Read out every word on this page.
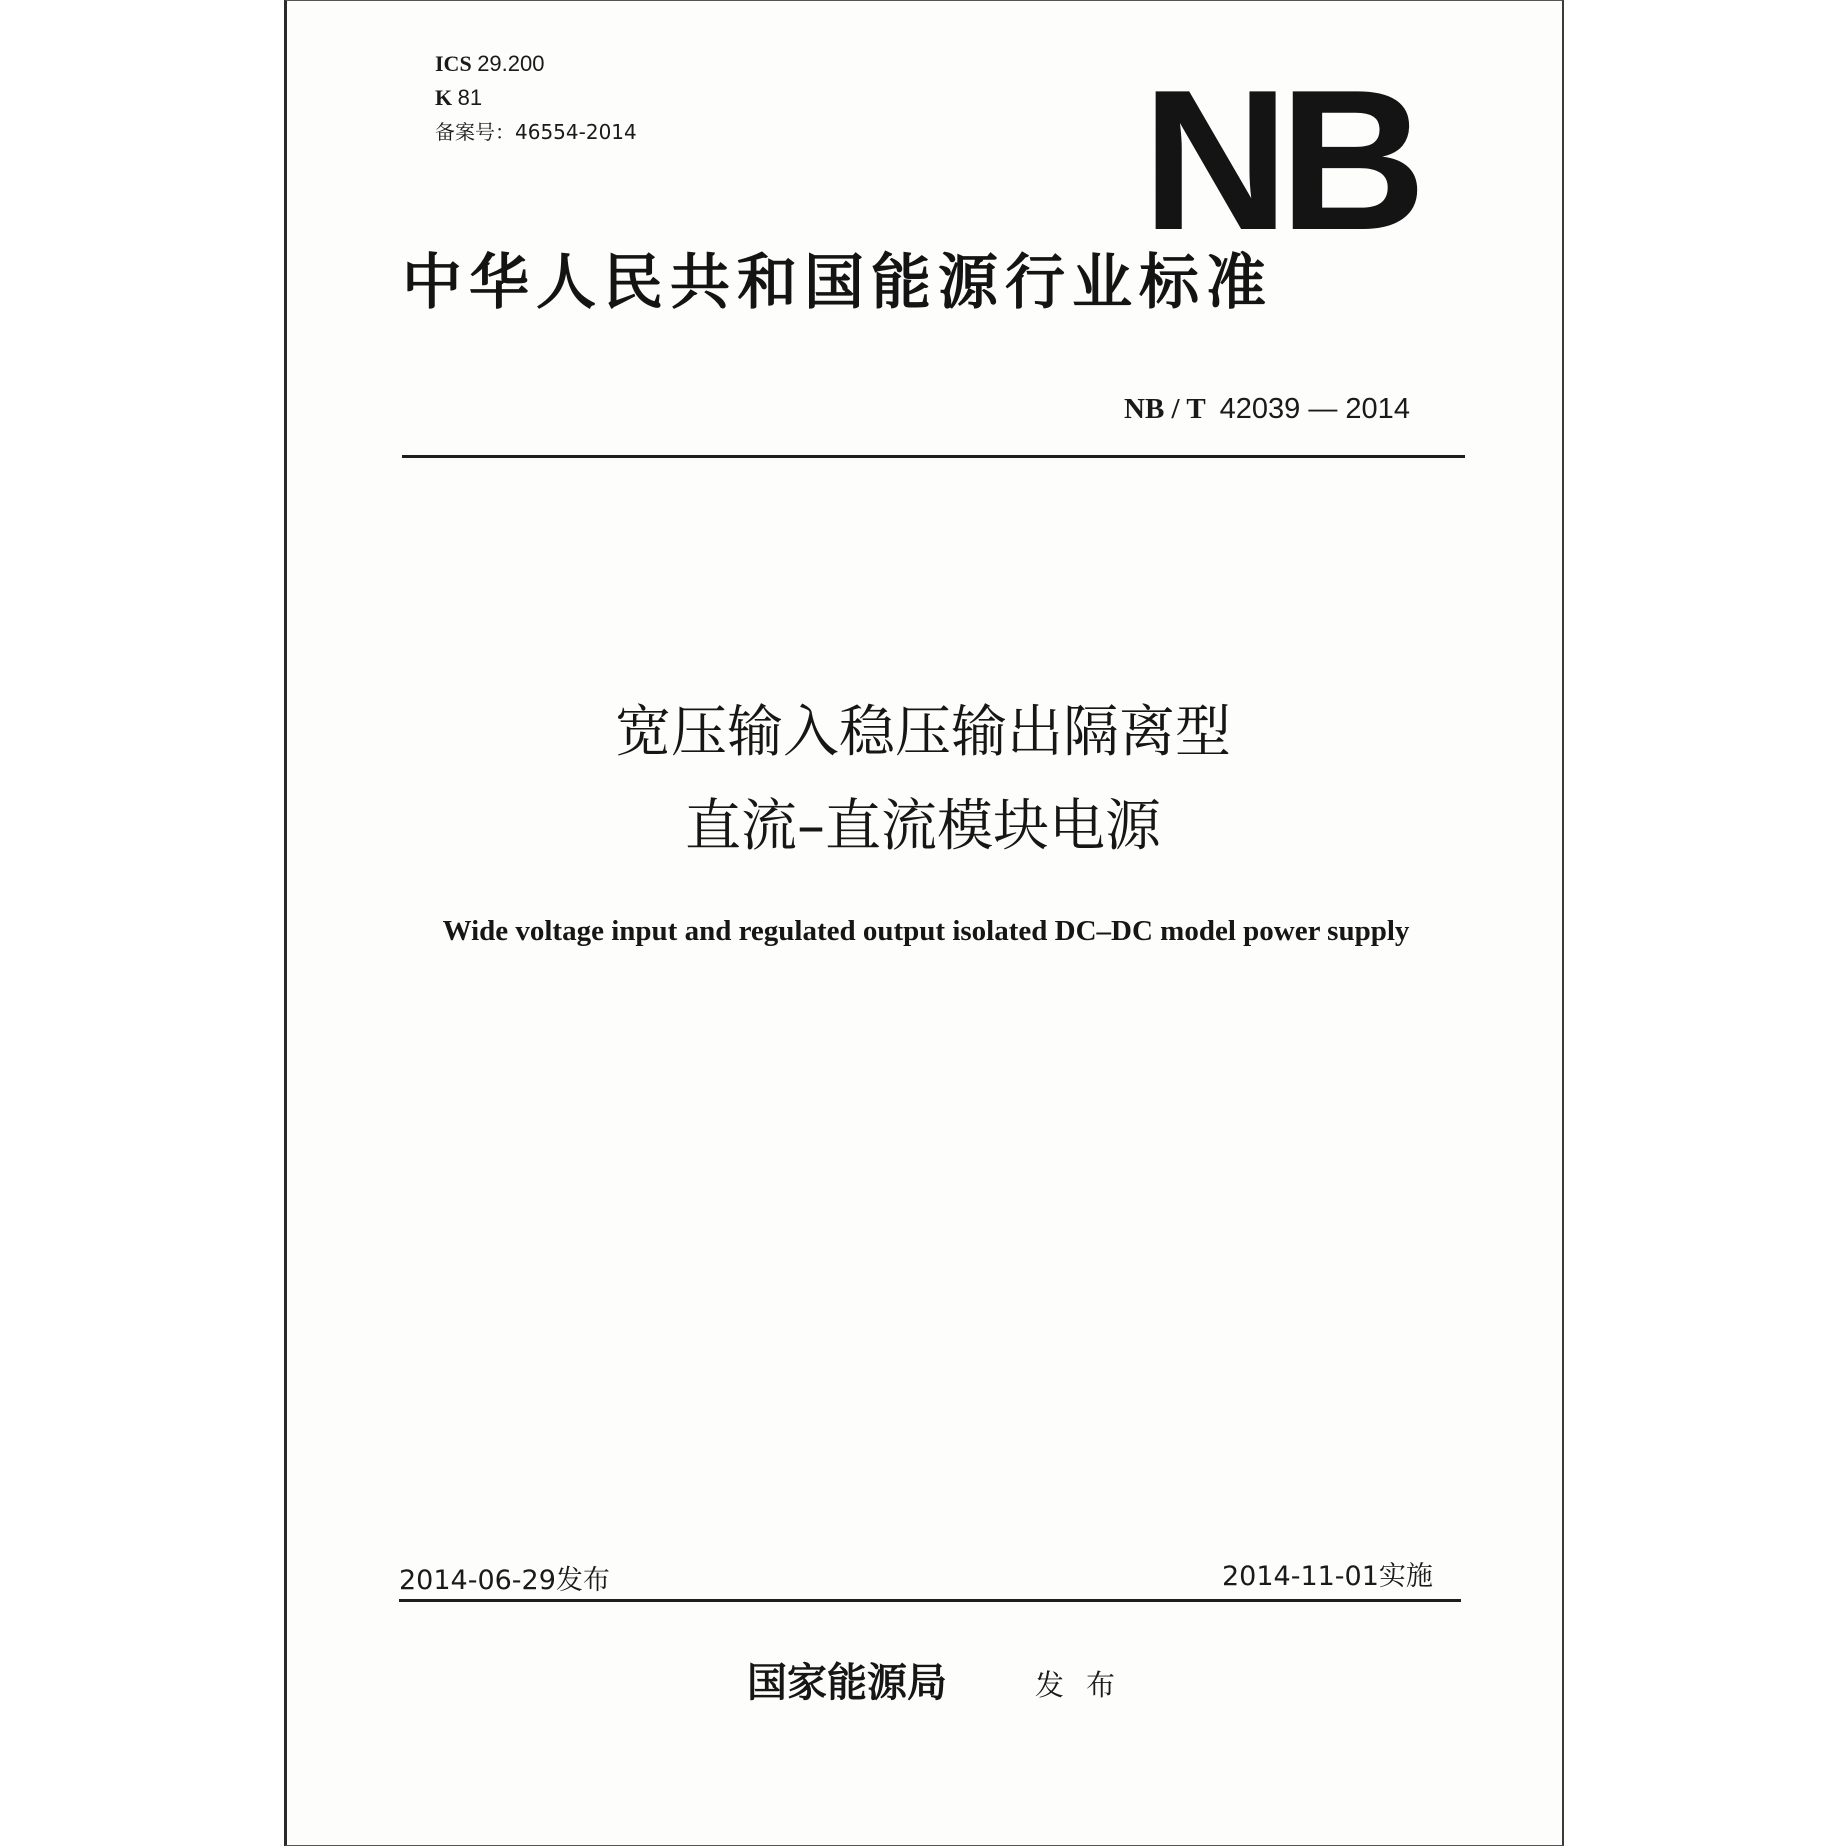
ICS 29.200
K 81
备案号：46554-2014	NB
中华人民共和国能源行业标准
NB / T 42039 — 2014
宽压输入稳压输出隔离型
直流–直流模块电源
Wide voltage input and regulated output isolated DC–DC model power supply
2014-06-29发布	2014-11-01实施
国家能源局	发布
